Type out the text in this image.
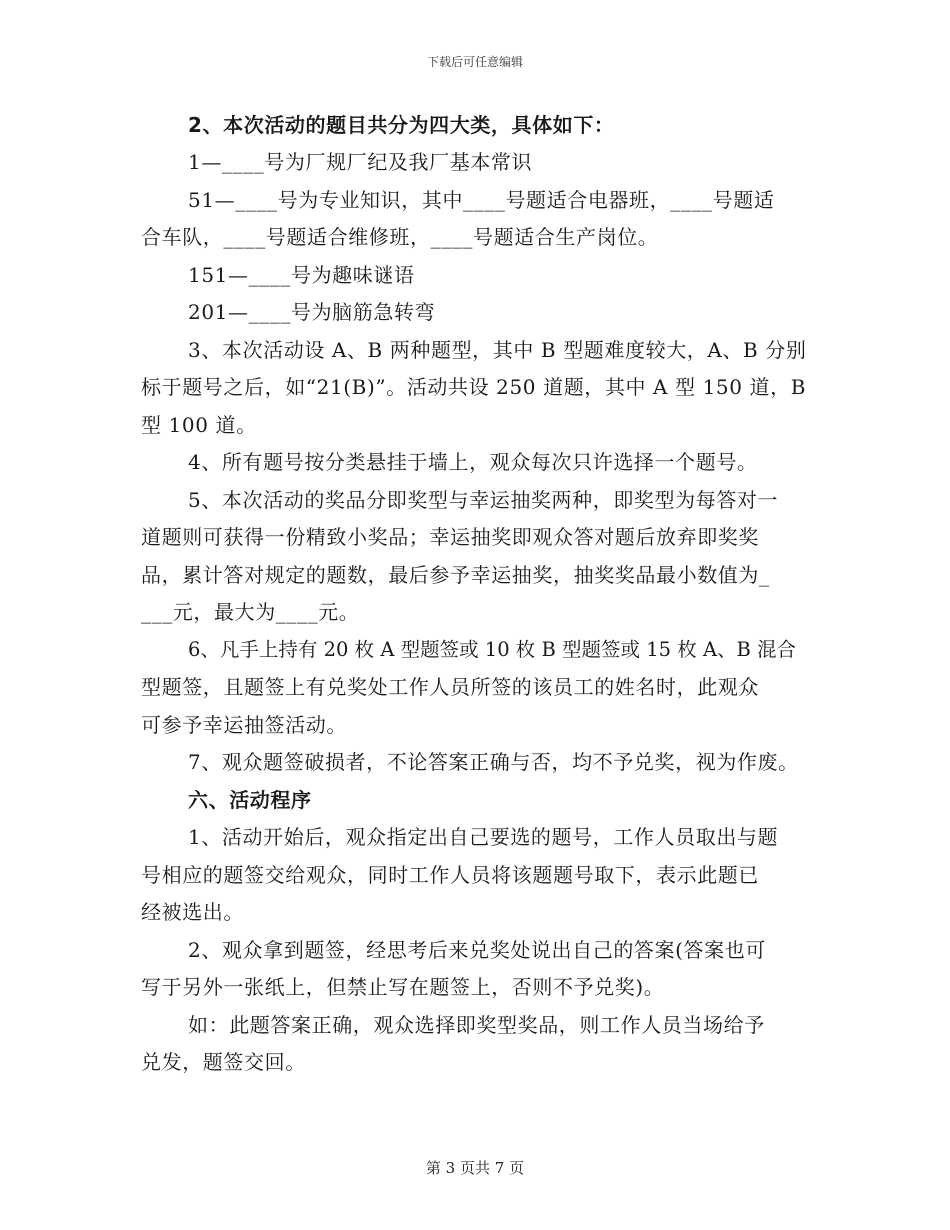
下载后可任意编辑
2、本次活动的题目共分为四大类，具体如下：
1—____号为厂规厂纪及我厂基本常识
51—____号为专业知识，其中____号题适合电器班，____号题适
合车队，____号题适合维修班，____号题适合生产岗位。
151—____号为趣味谜语
201—____号为脑筋急转弯
3、本次活动设 A、B 两种题型，其中 B 型题难度较大，A、B 分别
标于题号之后，如“21(B)”。活动共设 250 道题，其中 A 型 150 道，B
型 100 道。
4、所有题号按分类悬挂于墙上，观众每次只许选择一个题号。
5、本次活动的奖品分即奖型与幸运抽奖两种，即奖型为每答对一
道题则可获得一份精致小奖品；幸运抽奖即观众答对题后放弃即奖奖
品，累计答对规定的题数，最后参予幸运抽奖，抽奖奖品最小数值为_
___元，最大为____元。
6、凡手上持有 20 枚 A 型题签或 10 枚 B 型题签或 15 枚 A、B 混合
型题签，且题签上有兑奖处工作人员所签的该员工的姓名时，此观众
可参予幸运抽签活动。
7、观众题签破损者，不论答案正确与否，均不予兑奖，视为作废。
六、活动程序
1、活动开始后，观众指定出自己要选的题号，工作人员取出与题
号相应的题签交给观众，同时工作人员将该题题号取下，表示此题已
经被选出。
2、观众拿到题签，经思考后来兑奖处说出自己的答案(答案也可
写于另外一张纸上，但禁止写在题签上，否则不予兑奖)。
如：此题答案正确，观众选择即奖型奖品，则工作人员当场给予
兑发，题签交回。
第 3 页共 7 页
